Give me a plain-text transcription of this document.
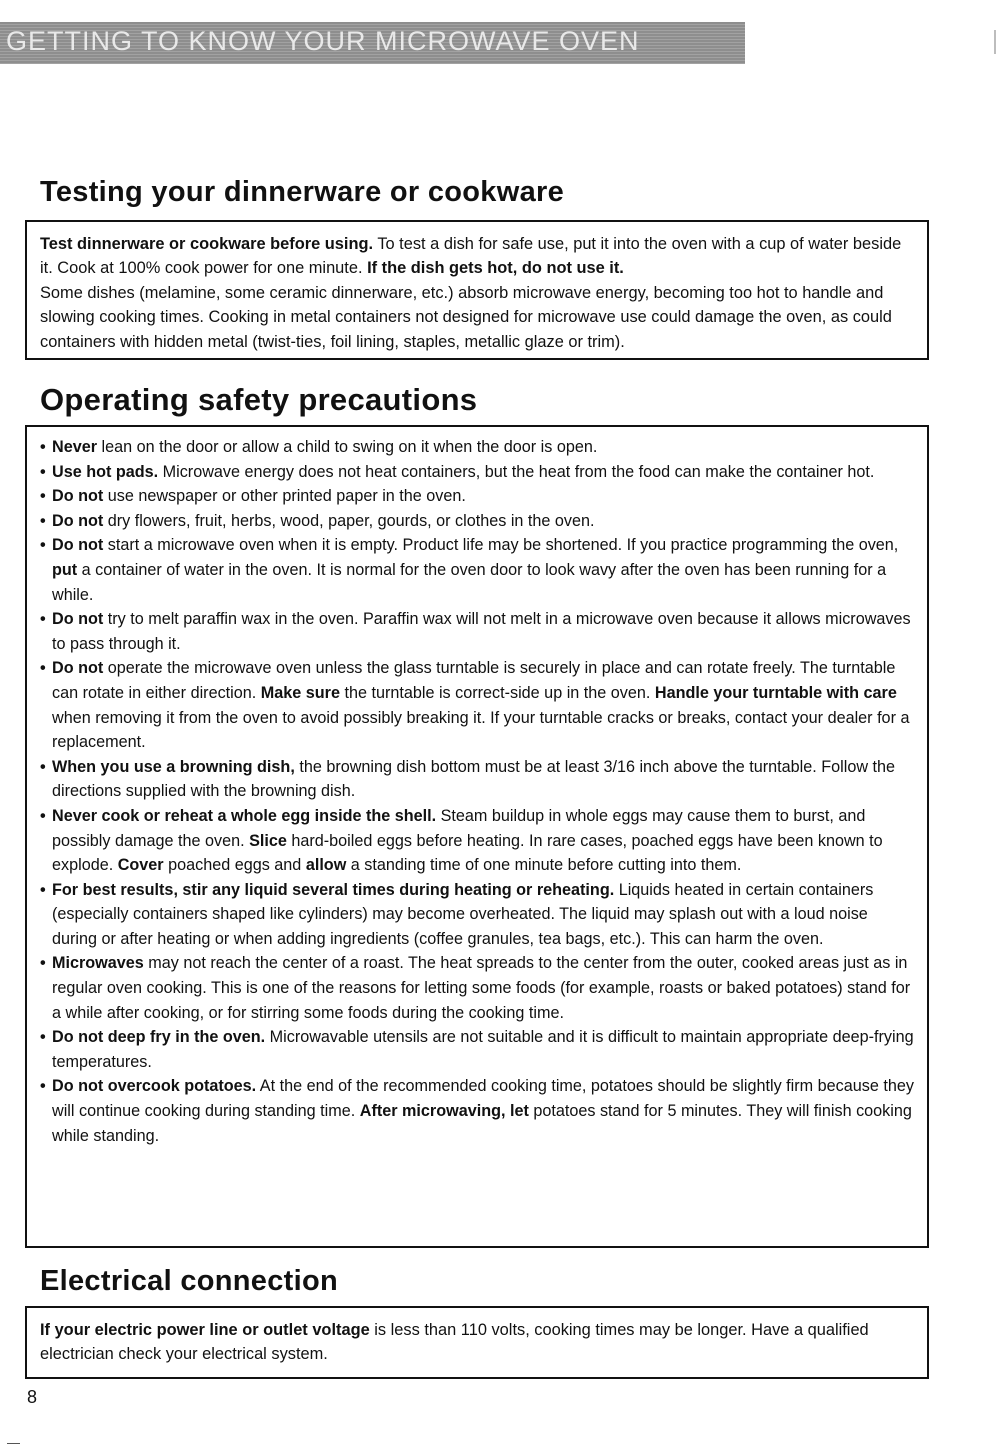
GETTING TO KNOW YOUR MICROWAVE OVEN
Testing your dinnerware or cookware

Test dinnerware or cookware before using. To test a dish for safe use, put it into the oven with a cup of water beside it. Cook at 100% cook power for one minute. If the dish gets hot, do not use it.

Some dishes (melamine, some ceramic dinnerware, etc.) absorb microwave energy, becoming too hot to handle and slowing cooking times. Cooking in metal containers not designed for microwave use could damage the oven, as could containers with hidden metal (twist-ties, foil lining, staples, metallic glaze or trim).

Operating safety precautions
• Never lean on the door or allow a child to swing on it when the door is open.
• Use hot pads. Microwave energy does not heat containers, but the heat from the food can make the container hot.
• Do not use newspaper or other printed paper in the oven.
• Do not dry flowers, fruit, herbs, wood, paper, gourds, or clothes in the oven.
• Do not start a microwave oven when it is empty. Product life may be shortened. If you practice programming the oven, put a container of water in the oven. It is normal for the oven door to look wavy after the oven has been running for a while.
• Do not try to melt paraffin wax in the oven. Paraffin wax will not melt in a microwave oven because it allows microwaves to pass through it.
• Do not operate the microwave oven unless the glass turntable is securely in place and can rotate freely. The turntable can rotate in either direction. Make sure the turntable is correct-side up in the oven. Handle your turntable with care when removing it from the oven to avoid possibly breaking it. If your turntable cracks or breaks, contact your dealer for a replacement.
• When you use a browning dish, the browning dish bottom must be at least 3/16 inch above the turntable. Follow the directions supplied with the browning dish.
• Never cook or reheat a whole egg inside the shell. Steam buildup in whole eggs may cause them to burst, and possibly damage the oven. Slice hard-boiled eggs before heating. In rare cases, poached eggs have been known to explode. Cover poached eggs and allow a standing time of one minute before cutting into them.
• For best results, stir any liquid several times during heating or reheating. Liquids heated in certain containers (especially containers shaped like cylinders) may become overheated. The liquid may splash out with a loud noise during or after heating or when adding ingredients (coffee granules, tea bags, etc.). This can harm the oven.
• Microwaves may not reach the center of a roast. The heat spreads to the center from the outer, cooked areas just as in regular oven cooking. This is one of the reasons for letting some foods (for example, roasts or baked potatoes) stand for a while after cooking, or for stirring some foods during the cooking time.
• Do not deep fry in the oven. Microwavable utensils are not suitable and it is difficult to maintain appropriate deep-frying temperatures.
• Do not overcook potatoes. At the end of the recommended cooking time, potatoes should be slightly firm because they will continue cooking during standing time. After microwaving, let potatoes stand for 5 minutes. They will finish cooking while standing.
Electrical connection

If your electric power line or outlet voltage is less than 110 volts, cooking times may be longer. Have a qualified electrician check your electrical system.

8
